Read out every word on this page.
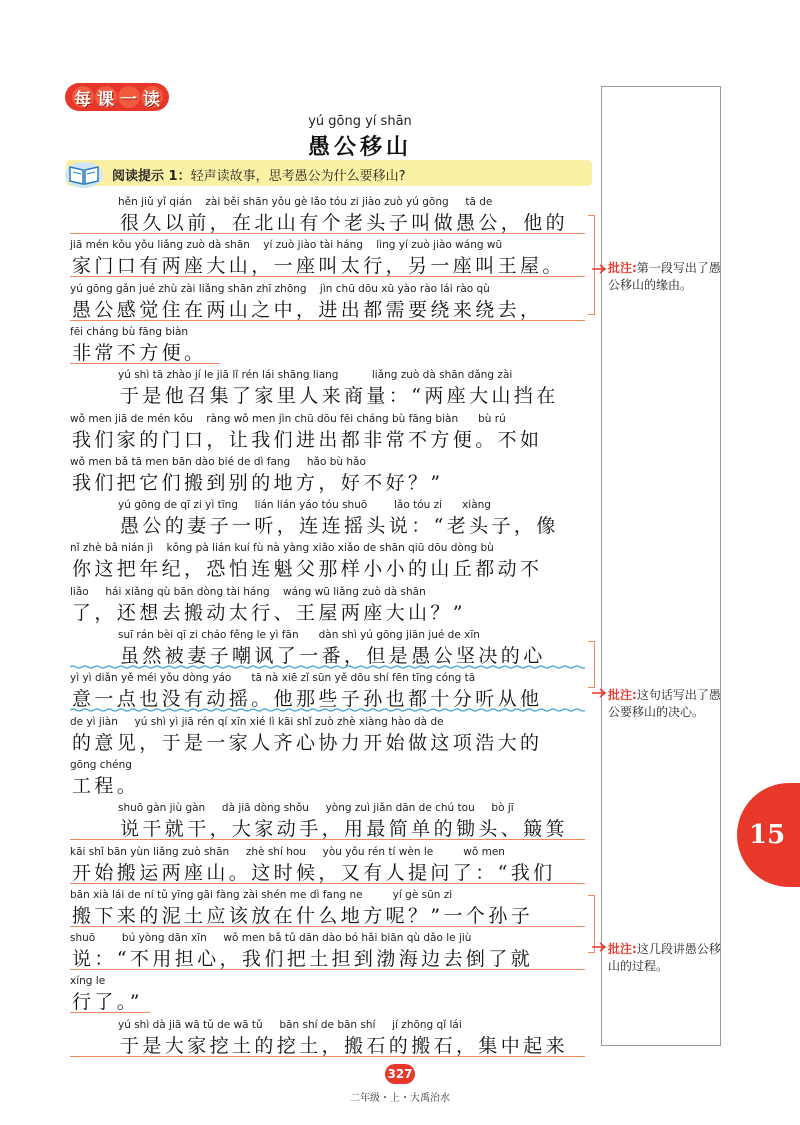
每 课 一 读
yú gōng yí shān
愚公移山
阅读提示 1：轻声读故事，思考愚公为什么要移山?
hěn jiǔ yǐ qián    zài běi shān yǒu gè lǎo tóu zi jiào zuò yú gōng     tā de
很久以前，在北山有个老头子叫做愚公，他的
jiā mén kǒu yǒu liǎng zuò dà shān    yí zuò jiào tài háng    lìng yí zuò jiào wáng wū
家门口有两座大山，一座叫太行，另一座叫王屋。
yú gōng gǎn jué zhù zài liǎng shān zhī zhōng    jìn chū dōu xū yào rào lái rào qù
愚公感觉住在两山之中，进出都需要绕来绕去，
fēi cháng bù fāng biàn
非常不方便。
yú shì tā zhào jí le jiā lǐ rén lái shāng liang          liǎng zuò dà shān dǎng zài
于是他召集了家里人来商量：“两座大山挡在
wǒ men jiā de mén kǒu    ràng wǒ men jìn chū dōu fēi cháng bù fāng biàn      bù rú
我们家的门口，让我们进出都非常不方便。不如
wǒ men bǎ tā men bān dào bié de dì fang     hǎo bù hǎo
我们把它们搬到别的地方，好不好？”
yú gōng de qī zi yì tīng     lián lián yáo tóu shuō        lǎo tóu zi      xiàng
愚公的妻子一听，连连摇头说：“老头子，像
nǐ zhè bǎ nián jì    kǒng pà lián kuí fù nà yàng xiǎo xiǎo de shān qiū dōu dòng bù
你这把年纪，恐怕连魁父那样小小的山丘都动不
liǎo     hái xiǎng qù bān dòng tài háng    wáng wū liǎng zuò dà shān
了，还想去搬动太行、王屋两座大山？”
suī rán bèi qī zi cháo fěng le yì fān      dàn shì yú gōng jiān jué de xīn
虽然被妻子嘲讽了一番，但是愚公坚决的心
yì yì diǎn yě méi yǒu dòng yáo      tā nà xiē zǐ sūn yě dōu shí fēn tīng cóng tā
意一点也没有动摇。他那些子孙也都十分听从他
de yì jiàn     yú shì yì jiā rén qí xīn xié lì kāi shǐ zuò zhè xiàng hào dà de
的意见，于是一家人齐心协力开始做这项浩大的
gōng chéng
工程。
shuō gàn jiù gàn     dà jiā dòng shǒu     yòng zuì jiǎn dān de chú tou     bò jī
说干就干，大家动手，用最简单的锄头、簸箕
kāi shǐ bān yùn liǎng zuò shān     zhè shí hou     yòu yǒu rén tí wèn le         wǒ men
开始搬运两座山。这时候，又有人提问了：“我们
bān xià lái de ní tǔ yīng gāi fàng zài shén me dì fang ne         yí gè sūn zi
搬下来的泥土应该放在什么地方呢？”一个孙子
shuō        bú yòng dān xīn     wǒ men bǎ tǔ dān dào bó hǎi biān qù dǎo le jiù
说：“不用担心，我们把土担到渤海边去倒了就
xíng le
行了。”
yú shì dà jiā wā tǔ de wā tǔ     bān shí de bān shí     jí zhōng qǐ lái
于是大家挖土的挖土，搬石的搬石，集中起来
批注:第一段写出了愚公移山的缘由。
批注:这句话写出了愚公要移山的决心。
批注:这几段讲愚公移山的过程。
15
327
二年级・上・大禹治水
